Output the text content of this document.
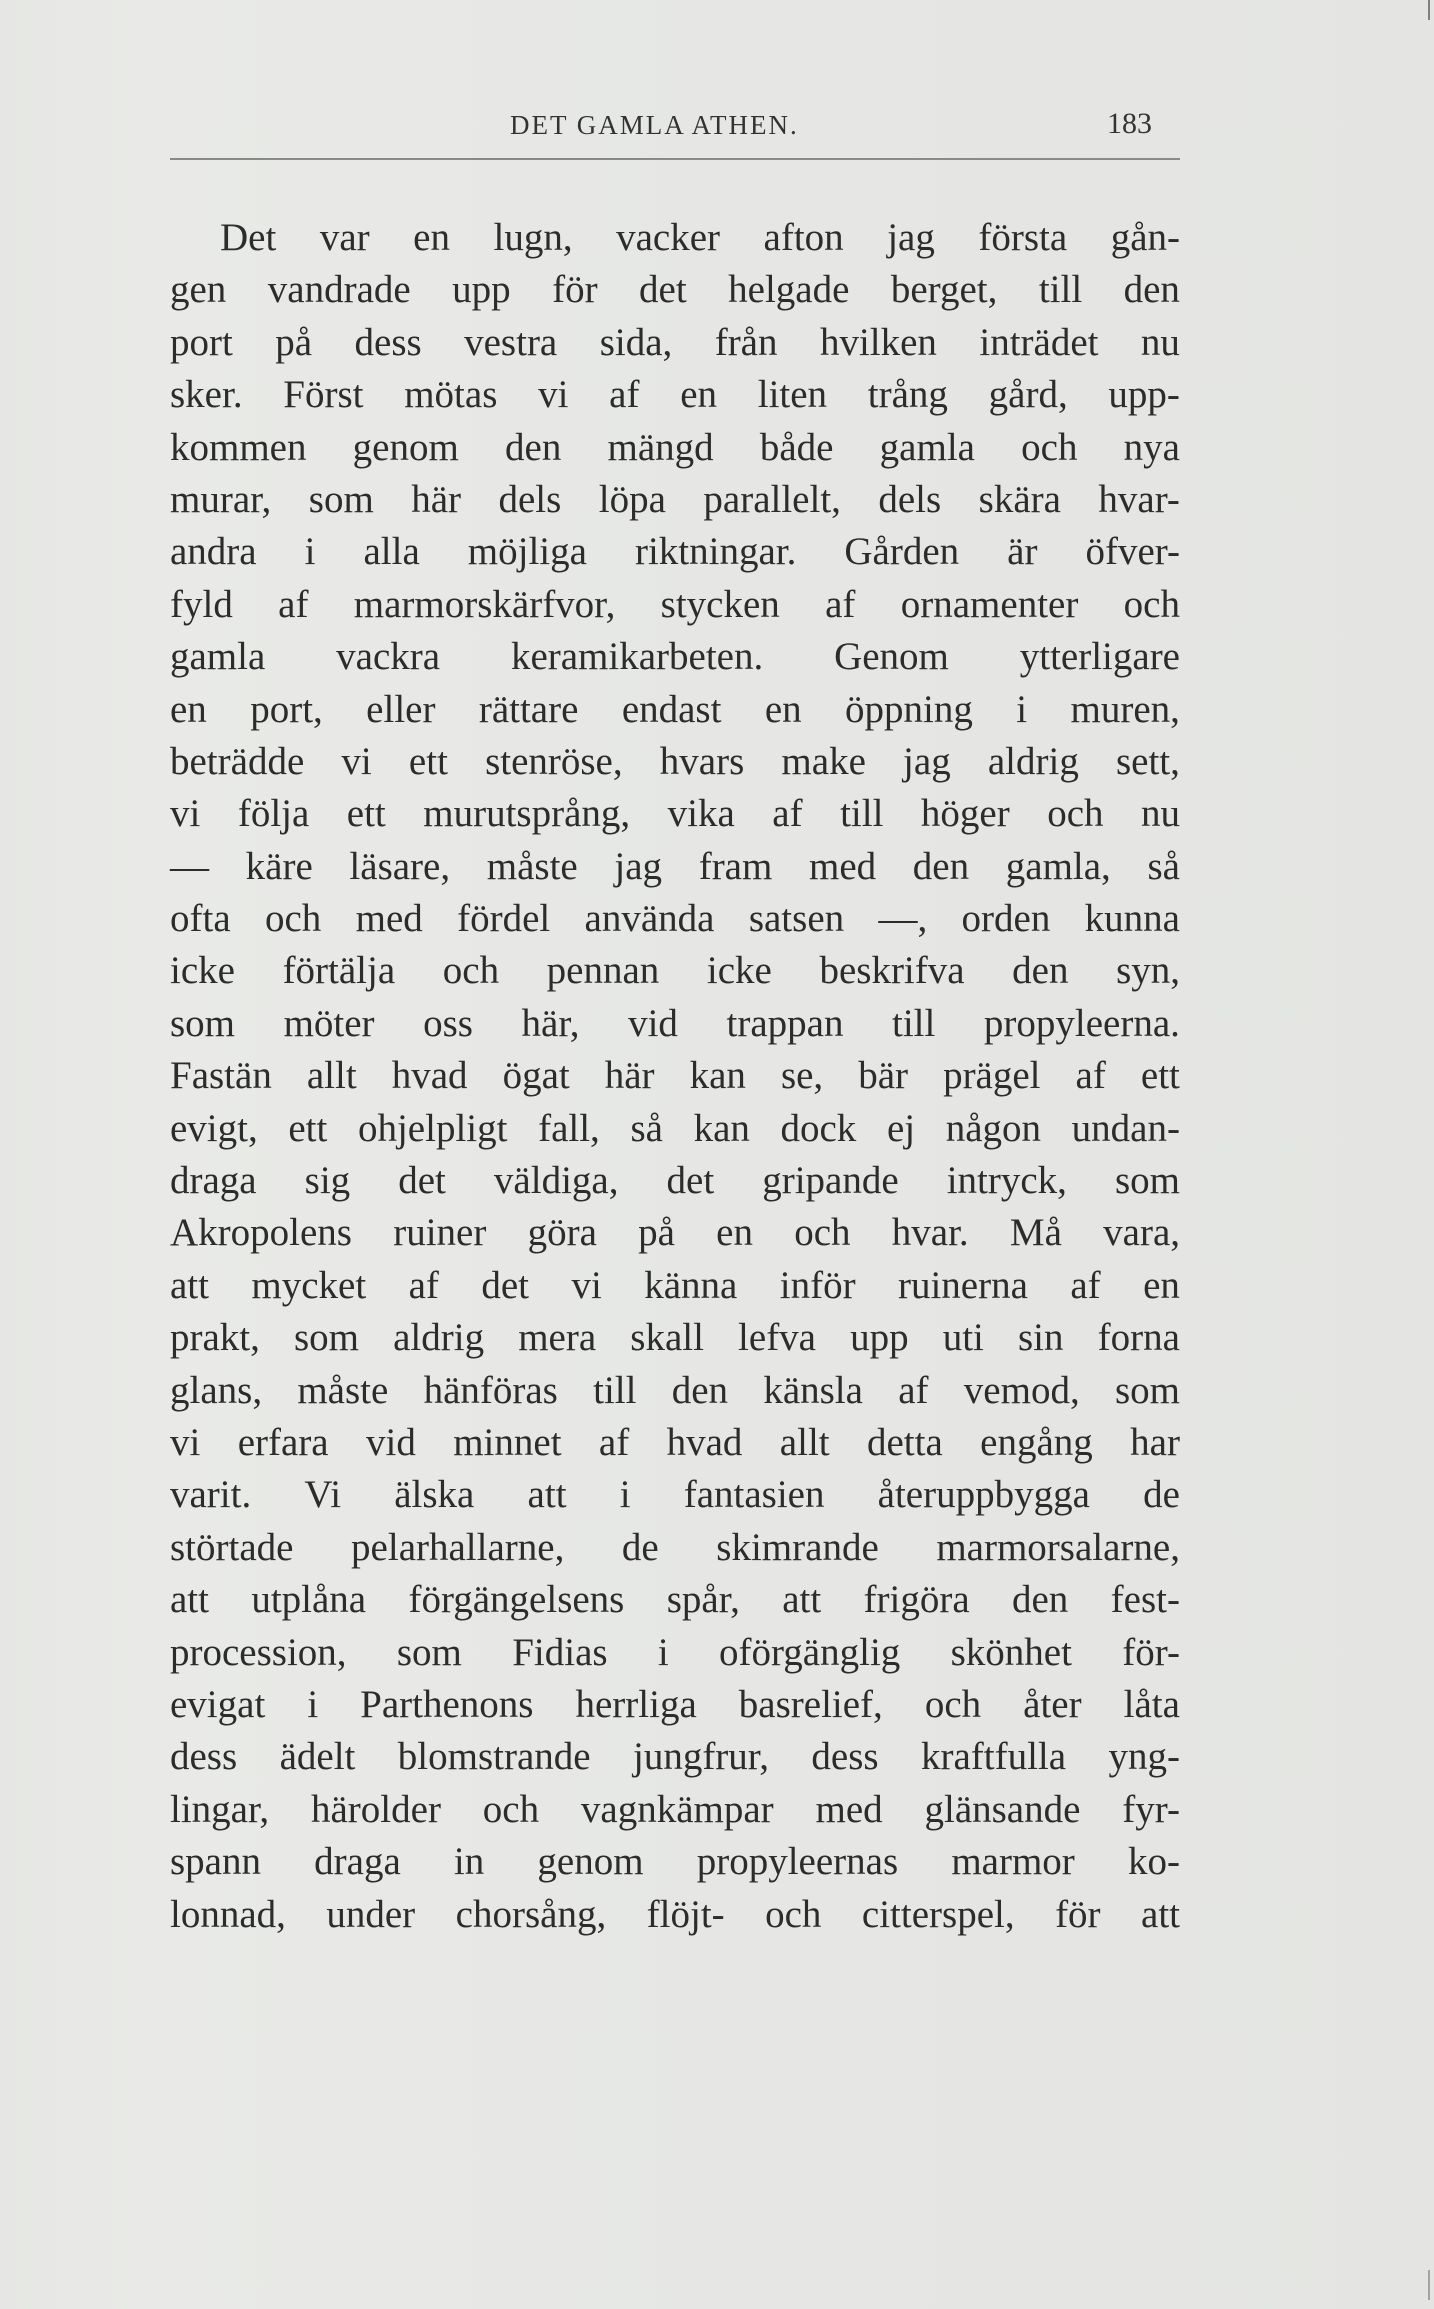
DET GAMLA ATHEN.	183
Det var en lugn, vacker afton jag första gån-
gen vandrade upp för det helgade berget, till den
port på dess vestra sida, från hvilken inträdet nu
sker. Först mötas vi af en liten trång gård, upp-
kommen genom den mängd både gamla och nya
murar, som här dels löpa parallelt, dels skära hvar-
andra i alla möjliga riktningar. Gården är öfver-
fyld af marmorskärfvor, stycken af ornamenter och
gamla vackra keramikarbeten. Genom ytterligare
en port, eller rättare endast en öppning i muren,
beträdde vi ett stenröse, hvars make jag aldrig sett,
vi följa ett murutsprång, vika af till höger och nu
— käre läsare, måste jag fram med den gamla, så
ofta och med fördel använda satsen —, orden kunna
icke förtälja och pennan icke beskrifva den syn,
som möter oss här, vid trappan till propyleerna.
Fastän allt hvad ögat här kan se, bär prägel af ett
evigt, ett ohjelpligt fall, så kan dock ej någon undan-
draga sig det väldiga, det gripande intryck, som
Akropolens ruiner göra på en och hvar. Må vara,
att mycket af det vi känna inför ruinerna af en
prakt, som aldrig mera skall lefva upp uti sin forna
glans, måste hänföras till den känsla af vemod, som
vi erfara vid minnet af hvad allt detta engång har
varit. Vi älska att i fantasien återuppbygga de
störtade pelarhallarne, de skimrande marmorsalarne,
att utplåna förgängelsens spår, att frigöra den fest-
procession, som Fidias i oförgänglig skönhet för-
evigat i Parthenons herrliga basrelief, och åter låta
dess ädelt blomstrande jungfrur, dess kraftfulla yng-
lingar, härolder och vagnkämpar med glänsande fyr-
spann draga in genom propyleernas marmor ko-
lonnad, under chorsång, flöjt- och citterspel, för att
